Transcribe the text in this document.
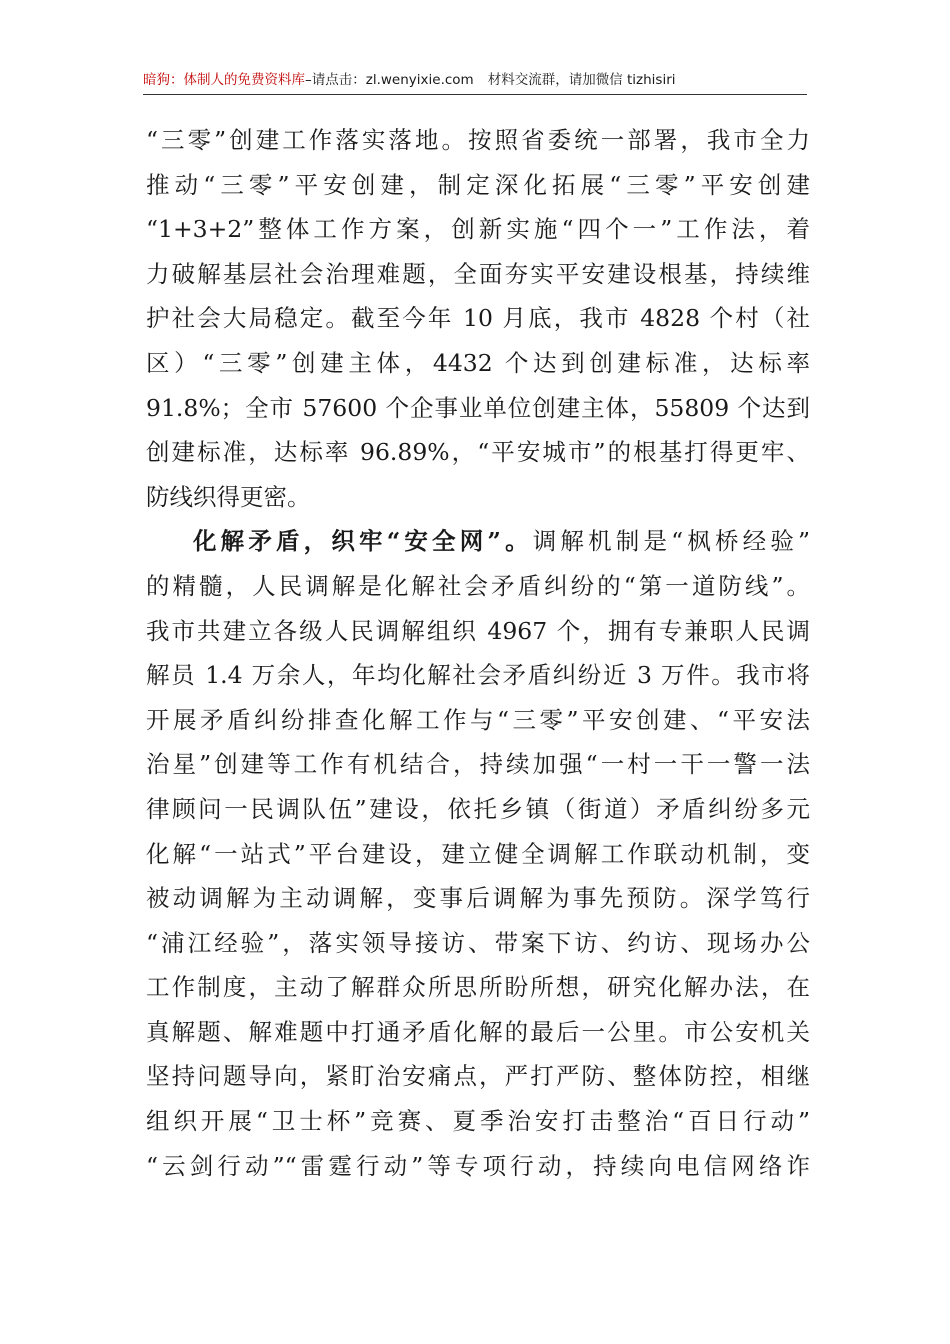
暗狗：体制人的免费资料库–请点击：zl.wenyixie.com 材料交流群，请加微信 tizhisiri
“三零”创建工作落实落地。按照省委统一部署，我市全力
推动“三零”平安创建，制定深化拓展“三零”平安创建
“1+3+2”整体工作方案，创新实施“四个一”工作法，着
力破解基层社会治理难题，全面夯实平安建设根基，持续维
护社会大局稳定。截至今年 10 月底，我市 4828 个村（社
区）“三零”创建主体，4432 个达到创建标准，达标率
91.8%；全市 57600 个企事业单位创建主体，55809 个达到
创建标准，达标率 96.89%，“平安城市”的根基打得更牢、
防线织得更密。
化解矛盾，织牢“安全网”。调解机制是“枫桥经验”
的精髓，人民调解是化解社会矛盾纠纷的“第一道防线”。
我市共建立各级人民调解组织 4967 个，拥有专兼职人民调
解员 1.4 万余人，年均化解社会矛盾纠纷近 3 万件。我市将
开展矛盾纠纷排查化解工作与“三零”平安创建、“平安法
治星”创建等工作有机结合，持续加强“一村一干一警一法
律顾问一民调队伍”建设，依托乡镇（街道）矛盾纠纷多元
化解“一站式”平台建设，建立健全调解工作联动机制，变
被动调解为主动调解，变事后调解为事先预防。深学笃行
“浦江经验”，落实领导接访、带案下访、约访、现场办公
工作制度，主动了解群众所思所盼所想，研究化解办法，在
真解题、解难题中打通矛盾化解的最后一公里。市公安机关
坚持问题导向，紧盯治安痛点，严打严防、整体防控，相继
组织开展“卫士杯”竞赛、夏季治安打击整治“百日行动”
“云剑行动”“雷霆行动”等专项行动，持续向电信网络诈
